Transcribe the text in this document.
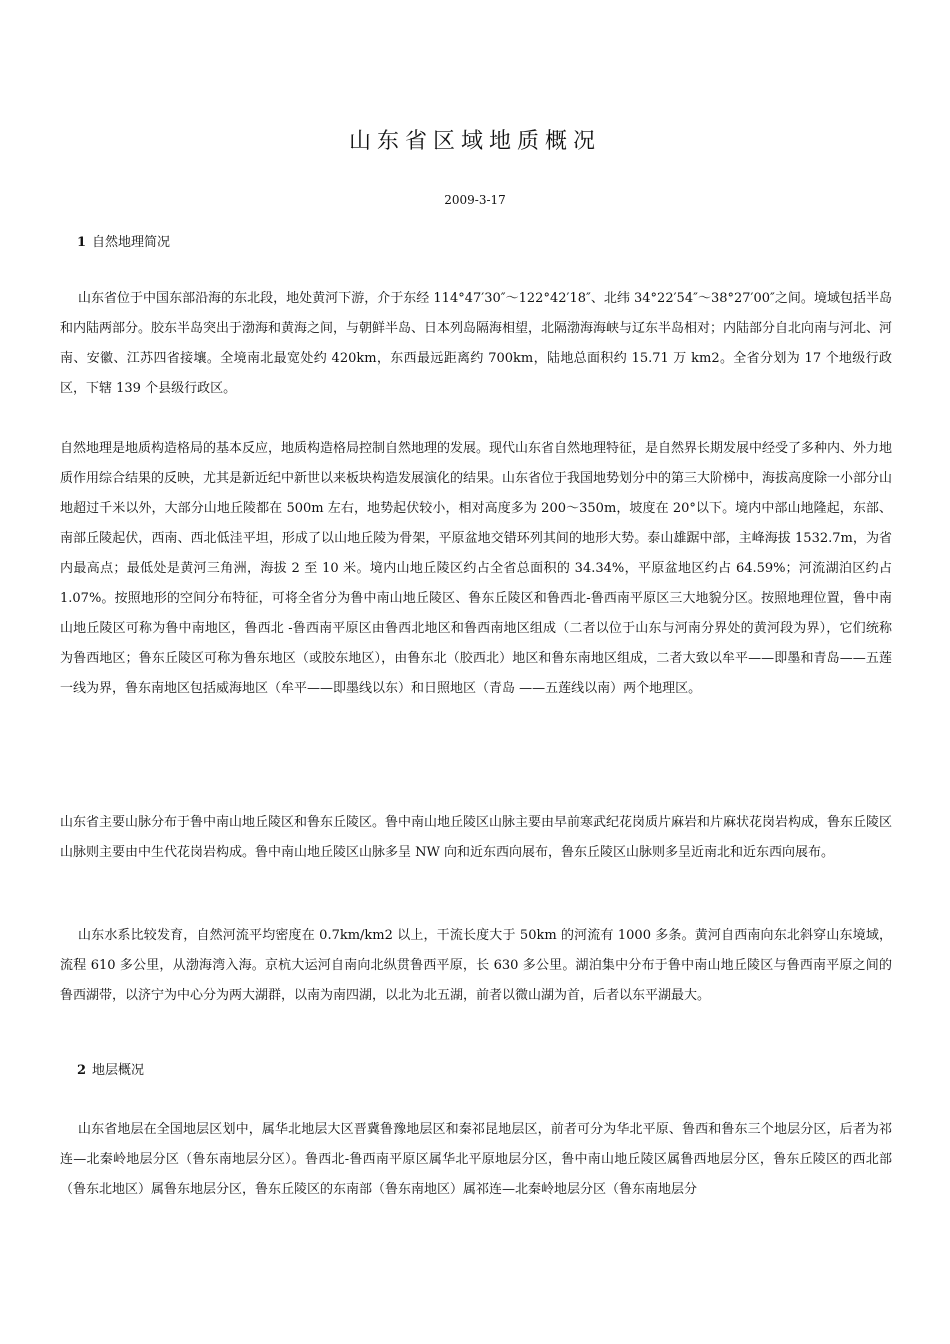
山东省区域地质概况
2009-3-17
1 自然地理简况

山东省位于中国东部沿海的东北段，地处黄河下游，介于东经 114°47′30″～122°42′18″、北纬 34°22′54″～38°27′00″之间。境域包括半岛和内陆两部分。胶东半岛突出于渤海和黄海之间，与朝鲜半岛、日本列岛隔海相望，北隔渤海海峡与辽东半岛相对；内陆部分自北向南与河北、河南、安徽、江苏四省接壤。全境南北最宽处约 420km，东西最远距离约 700km，陆地总面积约 15.71 万 km2。全省分划为 17 个地级行政区，下辖 139 个县级行政区。

自然地理是地质构造格局的基本反应，地质构造格局控制自然地理的发展。现代山东省自然地理特征，是自然界长期发展中经受了多种内、外力地质作用综合结果的反映，尤其是新近纪中新世以来板块构造发展演化的结果。山东省位于我国地势划分中的第三大阶梯中，海拔高度除一小部分山地超过千米以外，大部分山地丘陵都在 500m 左右，地势起伏较小，相对高度多为 200～350m，坡度在 20°以下。境内中部山地隆起，东部、南部丘陵起伏，西南、西北低洼平坦，形成了以山地丘陵为骨架，平原盆地交错环列其间的地形大势。泰山雄踞中部，主峰海拔 1532.7m，为省内最高点；最低处是黄河三角洲，海拔 2 至 10 米。境内山地丘陵区约占全省总面积的 34.34%，平原盆地区约占 64.59%；河流湖泊区约占 1.07%。按照地形的空间分布特征，可将全省分为鲁中南山地丘陵区、鲁东丘陵区和鲁西北-鲁西南平原区三大地貌分区。按照地理位置，鲁中南山地丘陵区可称为鲁中南地区，鲁西北 -鲁西南平原区由鲁西北地区和鲁西南地区组成（二者以位于山东与河南分界处的黄河段为界），它们统称为鲁西地区；鲁东丘陵区可称为鲁东地区（或胶东地区），由鲁东北（胶西北）地区和鲁东南地区组成，二者大致以牟平——即墨和青岛——五莲一线为界，鲁东南地区包括威海地区（牟平——即墨线以东）和日照地区（青岛 ——五莲线以南）两个地理区。

山东省主要山脉分布于鲁中南山地丘陵区和鲁东丘陵区。鲁中南山地丘陵区山脉主要由早前寒武纪花岗质片麻岩和片麻状花岗岩构成，鲁东丘陵区山脉则主要由中生代花岗岩构成。鲁中南山地丘陵区山脉多呈 NW 向和近东西向展布，鲁东丘陵区山脉则多呈近南北和近东西向展布。

山东水系比较发育，自然河流平均密度在 0.7km/km2 以上，干流长度大于 50km 的河流有 1000 多条。黄河自西南向东北斜穿山东境域，流程 610 多公里，从渤海湾入海。京杭大运河自南向北纵贯鲁西平原，长 630 多公里。湖泊集中分布于鲁中南山地丘陵区与鲁西南平原之间的鲁西湖带，以济宁为中心分为两大湖群，以南为南四湖，以北为北五湖，前者以微山湖为首，后者以东平湖最大。

2 地层概况

山东省地层在全国地层区划中，属华北地层大区晋冀鲁豫地层区和秦祁昆地层区，前者可分为华北平原、鲁西和鲁东三个地层分区，后者为祁连—北秦岭地层分区（鲁东南地层分区）。鲁西北-鲁西南平原区属华北平原地层分区，鲁中南山地丘陵区属鲁西地层分区，鲁东丘陵区的西北部（鲁东北地区）属鲁东地层分区，鲁东丘陵区的东南部（鲁东南地区）属祁连—北秦岭地层分区（鲁东南地层分
